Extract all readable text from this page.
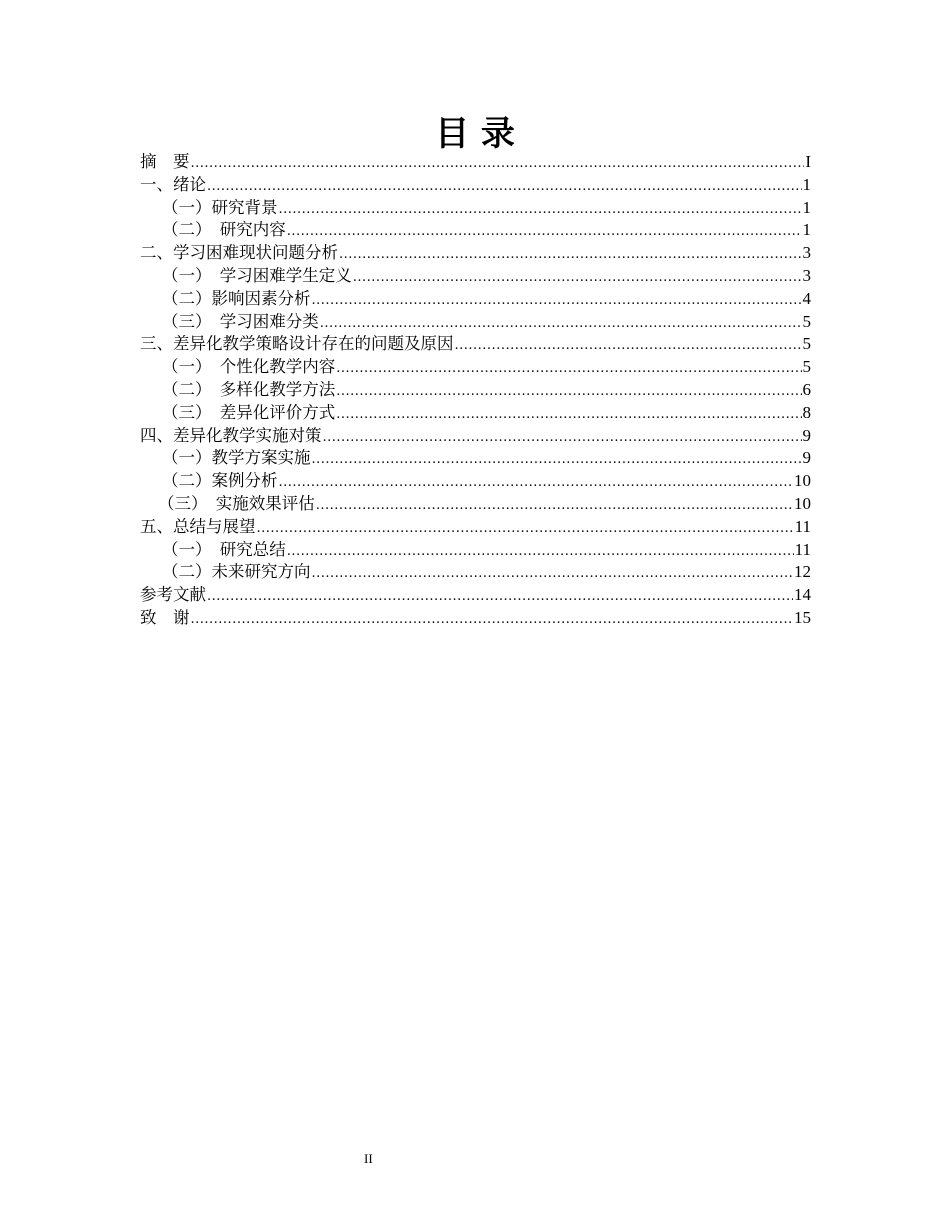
目 录
摘　要 .....	I
一、绪论 .....	1
（一）研究背景 .....	1
（二）　研究内容 .....	1
二、学习困难现状问题分析 .....	3
（一）　学习困难学生定义 .....	3
（二）影响因素分析 .....	4
（三）　学习困难分类 .....	5
三、差异化教学策略设计存在的问题及原因 .....	5
（一）　个性化教学内容 .....	5
（二）　多样化教学方法 .....	6
（三）　差异化评价方式 .....	8
四、差异化教学实施对策 .....	9
（一）教学方案实施 .....	9
（二）案例分析 .....	10
（三）　实施效果评估 .....	10
五、总结与展望 .....	11
（一）　研究总结 .....	11
（二）未来研究方向 .....	12
参考文献 .....	14
致　谢 .....	15
II
